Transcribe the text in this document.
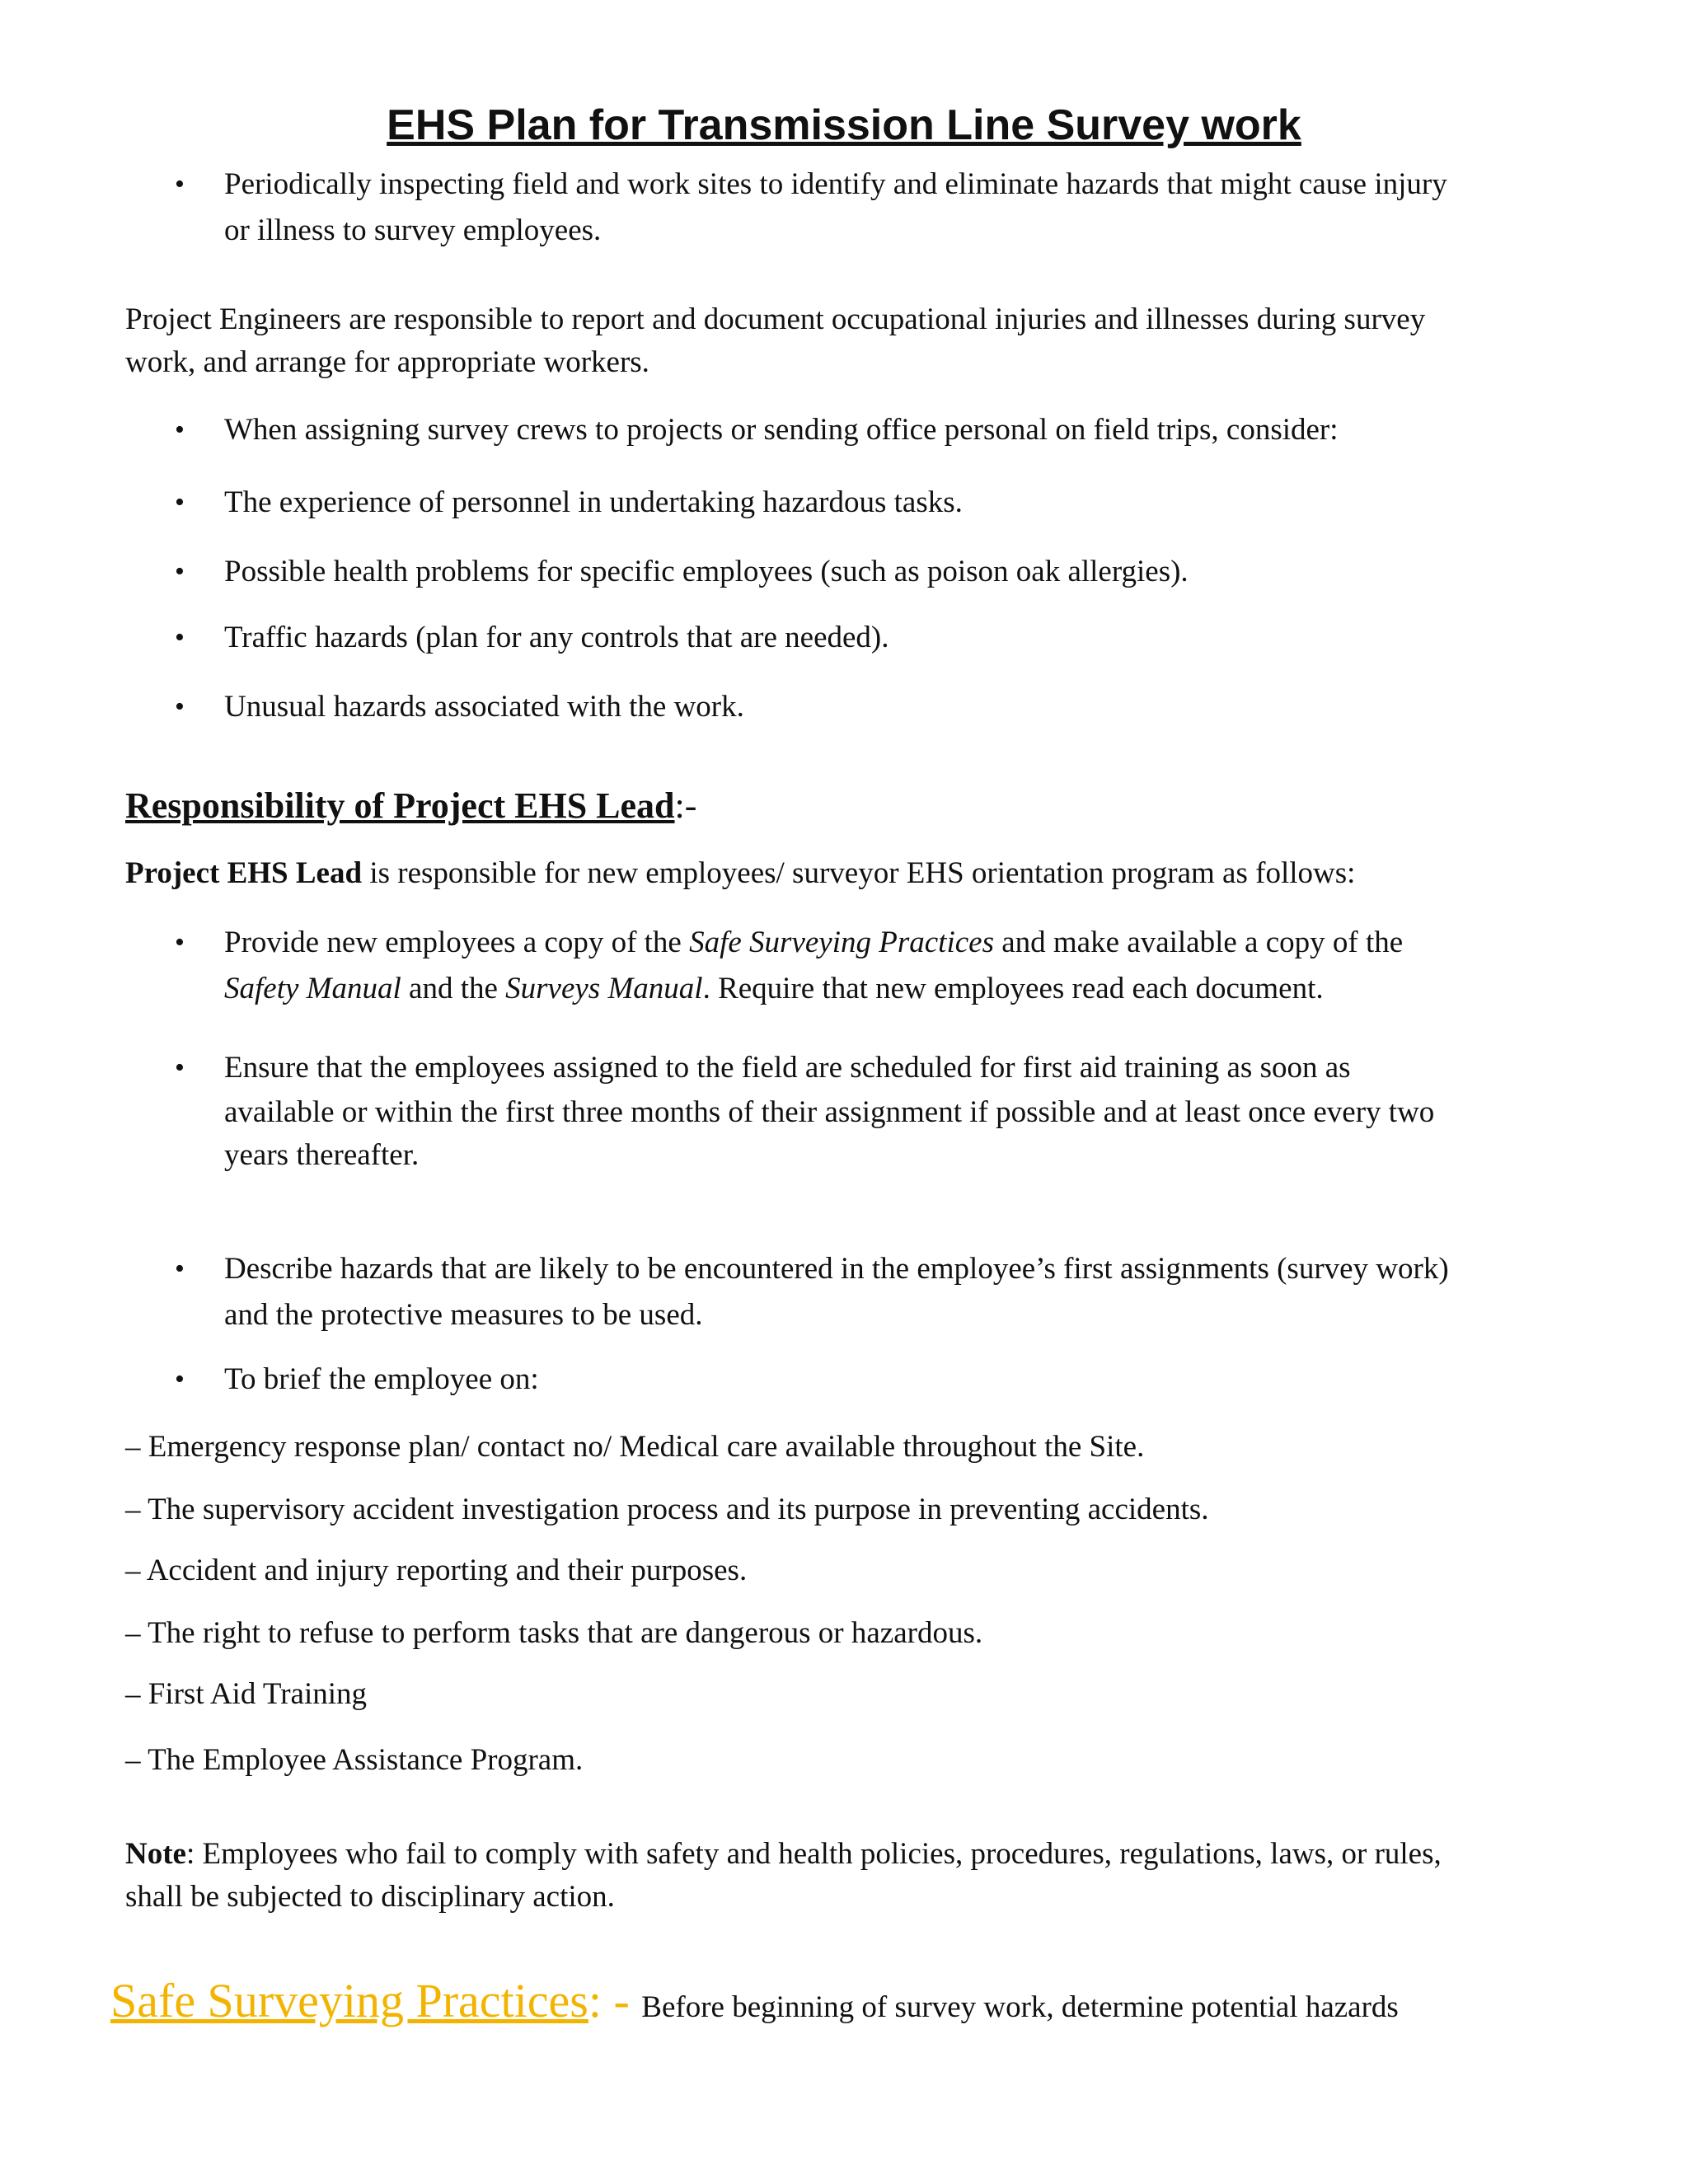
EHS Plan for Transmission Line Survey work
• Periodically inspecting field and work sites to identify and eliminate hazards that might cause injury
or illness to survey employees.
Project Engineers are responsible to report and document occupational injuries and illnesses during survey
work, and arrange for appropriate workers.
• When assigning survey crews to projects or sending office personal on field trips, consider:
• The experience of personnel in undertaking hazardous tasks.
• Possible health problems for specific employees (such as poison oak allergies).
• Traffic hazards (plan for any controls that are needed).
• Unusual hazards associated with the work.
Responsibility of Project EHS Lead:-
Project EHS Lead is responsible for new employees/ surveyor EHS orientation program as follows:
• Provide new employees a copy of the Safe Surveying Practices and make available a copy of the
Safety Manual and the Surveys Manual. Require that new employees read each document.
• Ensure that the employees assigned to the field are scheduled for first aid training as soon as
available or within the first three months of their assignment if possible and at least once every two
years thereafter.
• Describe hazards that are likely to be encountered in the employee’s first assignments (survey work)
and the protective measures to be used.
• To brief the employee on:
– Emergency response plan/ contact no/ Medical care available throughout the Site.
– The supervisory accident investigation process and its purpose in preventing accidents.
– Accident and injury reporting and their purposes.
– The right to refuse to perform tasks that are dangerous or hazardous.
– First Aid Training
– The Employee Assistance Program.
Note: Employees who fail to comply with safety and health policies, procedures, regulations, laws, or rules,
shall be subjected to disciplinary action.
Safe Surveying Practices: - Before beginning of survey work, determine potential hazards
